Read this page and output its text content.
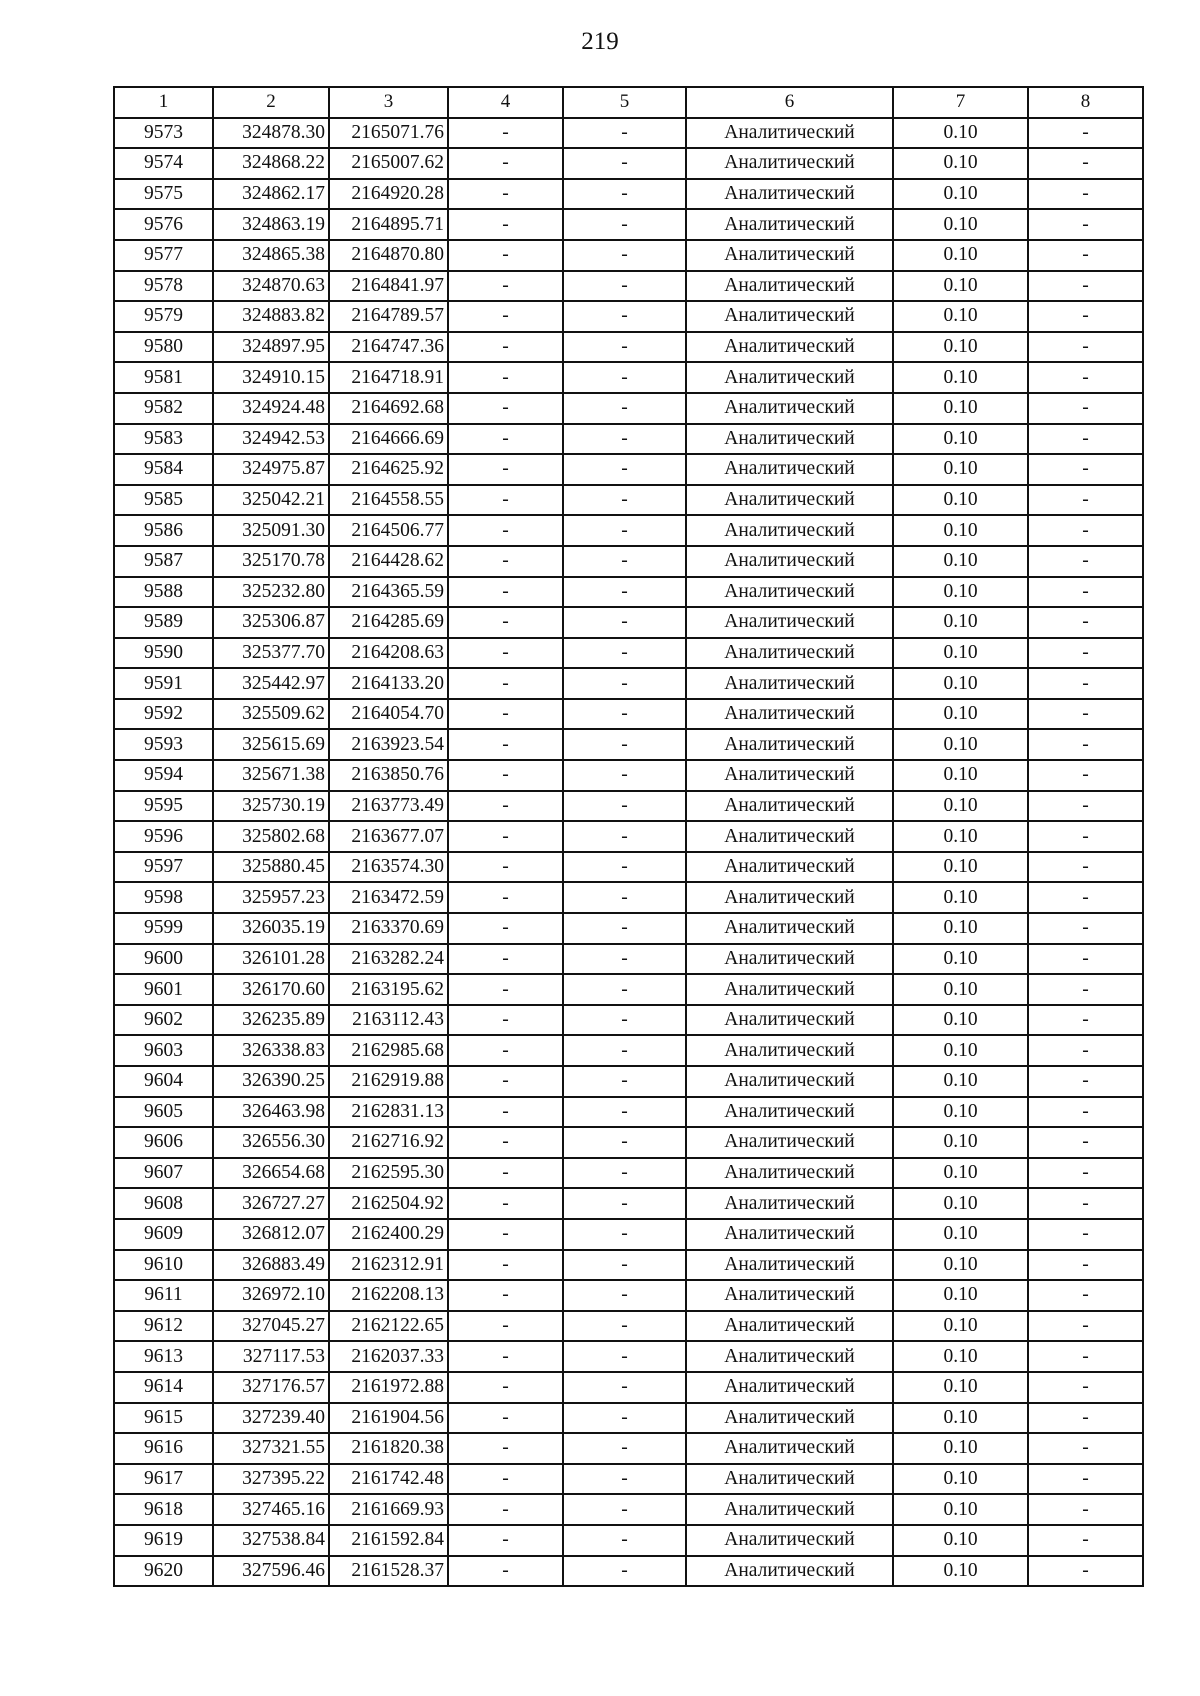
219
1	2	3	4	5	6	7	8
9573	324878.30	2165071.76	-	-	Аналитический	0.10	-
9574	324868.22	2165007.62	-	-	Аналитический	0.10	-
9575	324862.17	2164920.28	-	-	Аналитический	0.10	-
9576	324863.19	2164895.71	-	-	Аналитический	0.10	-
9577	324865.38	2164870.80	-	-	Аналитический	0.10	-
9578	324870.63	2164841.97	-	-	Аналитический	0.10	-
9579	324883.82	2164789.57	-	-	Аналитический	0.10	-
9580	324897.95	2164747.36	-	-	Аналитический	0.10	-
9581	324910.15	2164718.91	-	-	Аналитический	0.10	-
9582	324924.48	2164692.68	-	-	Аналитический	0.10	-
9583	324942.53	2164666.69	-	-	Аналитический	0.10	-
9584	324975.87	2164625.92	-	-	Аналитический	0.10	-
9585	325042.21	2164558.55	-	-	Аналитический	0.10	-
9586	325091.30	2164506.77	-	-	Аналитический	0.10	-
9587	325170.78	2164428.62	-	-	Аналитический	0.10	-
9588	325232.80	2164365.59	-	-	Аналитический	0.10	-
9589	325306.87	2164285.69	-	-	Аналитический	0.10	-
9590	325377.70	2164208.63	-	-	Аналитический	0.10	-
9591	325442.97	2164133.20	-	-	Аналитический	0.10	-
9592	325509.62	2164054.70	-	-	Аналитический	0.10	-
9593	325615.69	2163923.54	-	-	Аналитический	0.10	-
9594	325671.38	2163850.76	-	-	Аналитический	0.10	-
9595	325730.19	2163773.49	-	-	Аналитический	0.10	-
9596	325802.68	2163677.07	-	-	Аналитический	0.10	-
9597	325880.45	2163574.30	-	-	Аналитический	0.10	-
9598	325957.23	2163472.59	-	-	Аналитический	0.10	-
9599	326035.19	2163370.69	-	-	Аналитический	0.10	-
9600	326101.28	2163282.24	-	-	Аналитический	0.10	-
9601	326170.60	2163195.62	-	-	Аналитический	0.10	-
9602	326235.89	2163112.43	-	-	Аналитический	0.10	-
9603	326338.83	2162985.68	-	-	Аналитический	0.10	-
9604	326390.25	2162919.88	-	-	Аналитический	0.10	-
9605	326463.98	2162831.13	-	-	Аналитический	0.10	-
9606	326556.30	2162716.92	-	-	Аналитический	0.10	-
9607	326654.68	2162595.30	-	-	Аналитический	0.10	-
9608	326727.27	2162504.92	-	-	Аналитический	0.10	-
9609	326812.07	2162400.29	-	-	Аналитический	0.10	-
9610	326883.49	2162312.91	-	-	Аналитический	0.10	-
9611	326972.10	2162208.13	-	-	Аналитический	0.10	-
9612	327045.27	2162122.65	-	-	Аналитический	0.10	-
9613	327117.53	2162037.33	-	-	Аналитический	0.10	-
9614	327176.57	2161972.88	-	-	Аналитический	0.10	-
9615	327239.40	2161904.56	-	-	Аналитический	0.10	-
9616	327321.55	2161820.38	-	-	Аналитический	0.10	-
9617	327395.22	2161742.48	-	-	Аналитический	0.10	-
9618	327465.16	2161669.93	-	-	Аналитический	0.10	-
9619	327538.84	2161592.84	-	-	Аналитический	0.10	-
9620	327596.46	2161528.37	-	-	Аналитический	0.10	-
